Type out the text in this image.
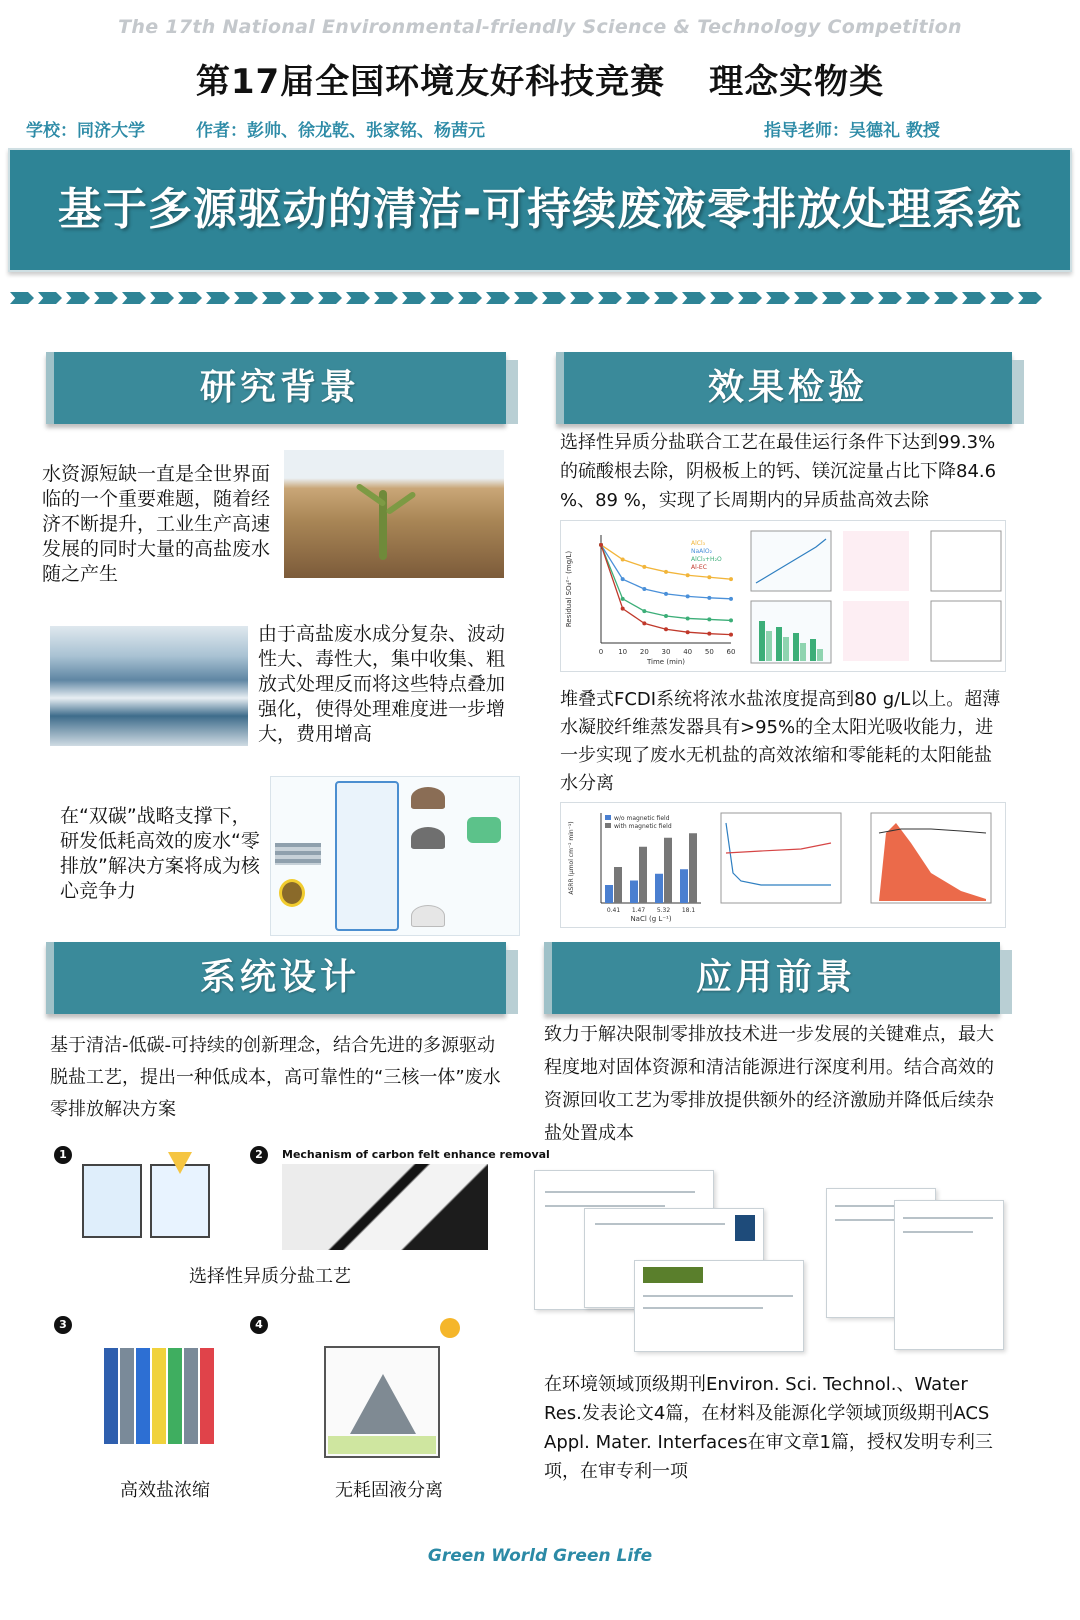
The 17th National Environmental-friendly Science & Technology Competition
第17届全国环境友好科技竞赛 理念实物类
学校：同济大学	作者：彭帅、徐龙乾、张家铭、杨茜元	指导老师：吴德礼 教授
基于多源驱动的清洁-可持续废液零排放处理系统
研究背景
水资源短缺一直是全世界面临的一个重要难题，随着经济不断提升，工业生产高速发展的同时大量的高盐废水随之产生
由于高盐废水成分复杂、波动性大、毒性大，集中收集、粗放式处理反而将这些特点叠加强化，使得处理难度进一步增大，费用增高
在“双碳”战略支撑下，研发低耗高效的废水“零排放”解决方案将成为核心竞争力
效果检验
选择性异质分盐联合工艺在最佳运行条件下达到99.3%的硫酸根去除，阴极板上的钙、镁沉淀量占比下降84.6 %、89 %，实现了长周期内的异质盐高效去除
0 10 20 30 40 50 60
Time (min)
Residual SO₄²⁻ (mg/L)
AlCl₃
NaAlO₂
AlCl₃+H₂O
Al-EC
堆叠式FCDI系统将浓水盐浓度提高到80 g/L以上。超薄水凝胶纤维蒸发器具有>95%的全太阳光吸收能力，进一步实现了废水无机盐的高效浓缩和零能耗的太阳能盐水分离
0.41 1.47 5.32 18.1
NaCl (g L⁻¹)
ASRR (μmol cm⁻² min⁻¹)
w/o magnetic field
with magnetic field
系统设计
基于清洁-低碳-可持续的创新理念，结合先进的多源驱动脱盐工艺，提出一种低成本，高可靠性的“三核一体”废水零排放解决方案
1	2	Mechanism of carbon felt enhance removal
选择性异质分盐工艺
3
高效盐浓缩
4
无耗固液分离
应用前景
致力于解决限制零排放技术进一步发展的关键难点，最大程度地对固体资源和清洁能源进行深度利用。结合高效的资源回收工艺为零排放提供额外的经济激励并降低后续杂盐处置成本
在环境领域顶级期刊Environ. Sci. Technol.、Water Res.发表论文4篇，在材料及能源化学领域顶级期刊ACS Appl. Mater. Interfaces在审文章1篇，授权发明专利三项，在审专利一项
Green World Green Life
